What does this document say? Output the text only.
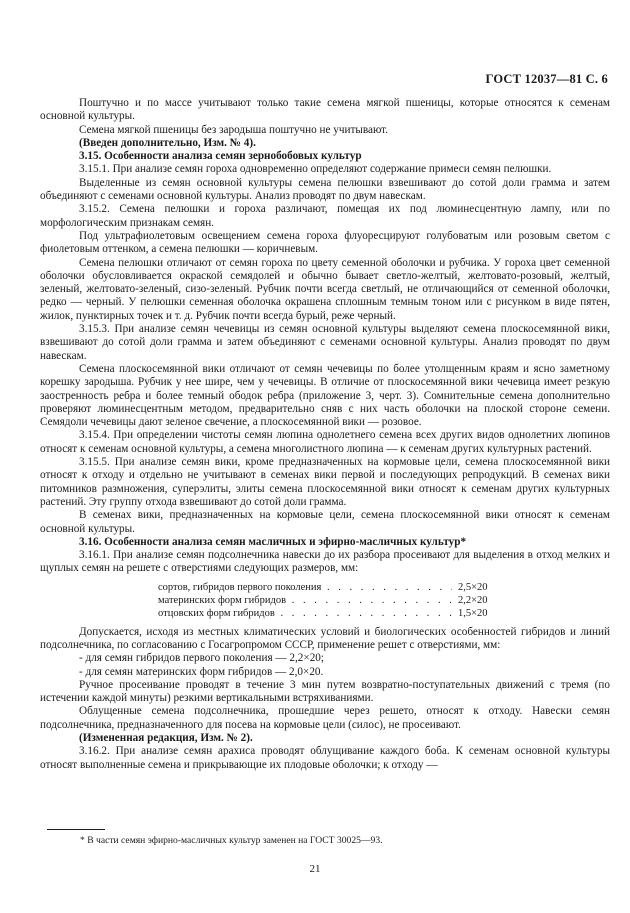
ГОСТ 12037—81 С. 6

Поштучно и по массе учитывают только такие семена мягкой пшеницы, которые относятся к семенам основной культуры.

Семена мягкой пшеницы без зародыша поштучно не учитывают.

(Введен дополнительно, Изм. № 4).

3.15. Особенности анализа семян зернобобовых культур

3.15.1. При анализе семян гороха одновременно определяют содержание примеси семян пелюшки.

Выделенные из семян основной культуры семена пелюшки взвешивают до сотой доли грамма и затем объединяют с семенами основной культуры. Анализ проводят по двум навескам.

3.15.2. Семена пелюшки и гороха различают, помещая их под люминесцентную лампу, или по морфологическим признакам семян.

Под ультрафиолетовым освещением семена гороха флуоресцируют голубоватым или розовым светом с фиолетовым оттенком, а семена пелюшки — коричневым.

Семена пелюшки отличают от семян гороха по цвету семенной оболочки и рубчика. У гороха цвет семенной оболочки обусловливается окраской семядолей и обычно бывает светло-желтый, желтовато-розовый, желтый, зеленый, желтовато-зеленый, сизо-зеленый. Рубчик почти всегда светлый, не отличающийся от семенной оболочки, редко — черный. У пелюшки семенная оболочка окрашена сплошным темным тоном или с рисунком в виде пятен, жилок, пунктирных точек и т. д. Рубчик почти всегда бурый, реже черный.

3.15.3. При анализе семян чечевицы из семян основной культуры выделяют семена плоскосемянной вики, взвешивают до сотой доли грамма и затем объединяют с семенами основной культуры. Анализ проводят по двум навескам.

Семена плоскосемянной вики отличают от семян чечевицы по более утолщенным краям и ясно заметному корешку зародыша. Рубчик у нее шире, чем у чечевицы. В отличие от плоскосемянной вики чечевица имеет резкую заостренность ребра и более темный ободок ребра (приложение 3, черт. 3). Сомнительные семена дополнительно проверяют люминесцентным методом, предварительно сняв с них часть оболочки на плоской стороне семени. Семядоли чечевицы дают зеленое свечение, а плоскосемянной вики — розовое.

3.15.4. При определении чистоты семян люпина однолетнего семена всех других видов однолетних люпинов относят к семенам основной культуры, а семена многолистного люпина — к семенам других культурных растений.

3.15.5. При анализе семян вики, кроме предназначенных на кормовые цели, семена плоскосемянной вики относят к отходу и отдельно не учитывают в семенах вики первой и последующих репродукций. В семенах вики питомников размножения, суперэлиты, элиты семена плоскосемянной вики относят к семенам других культурных растений. Эту группу отхода взвешивают до сотой доли грамма.

В семенах вики, предназначенных на кормовые цели, семена плоскосемянной вики относят к семенам основной культуры.

3.16. Особенности анализа семян масличных и эфирно-масличных культур*

3.16.1. При анализе семян подсолнечника навески до их разбора просеивают для выделения в отход мелких и щуплых семян на решете с отверстиями следующих размеров, мм:

сортов, гибридов первого поколения . . .	2,5×20
материнских форм гибридов . . .	2,2×20
отцовских форм гибридов . . .	1,5×20

Допускается, исходя из местных климатических условий и биологических особенностей гибридов и линий подсолнечника, по согласованию с Госагропромом СССР, применение решет с отверстиями, мм:

- для семян гибридов первого поколения — 2,2×20;

- для семян материнских форм гибридов — 2,0×20.

Ручное просеивание проводят в течение 3 мин путем возвратно-поступательных движений с тремя (по истечении каждой минуты) резкими вертикальными встряхиваниями.

Облущенные семена подсолнечника, прошедшие через решето, относят к отходу. Навески семян подсолнечника, предназначенного для посева на кормовые цели (силос), не просеивают.

(Измененная редакция, Изм. № 2).

3.16.2. При анализе семян арахиса проводят облущивание каждого боба. К семенам основной культуры относят выполненные семена и прикрывающие их плодовые оболочки; к отходу —

* В части семян эфирно-масличных культур заменен на ГОСТ 30025—93.
21
